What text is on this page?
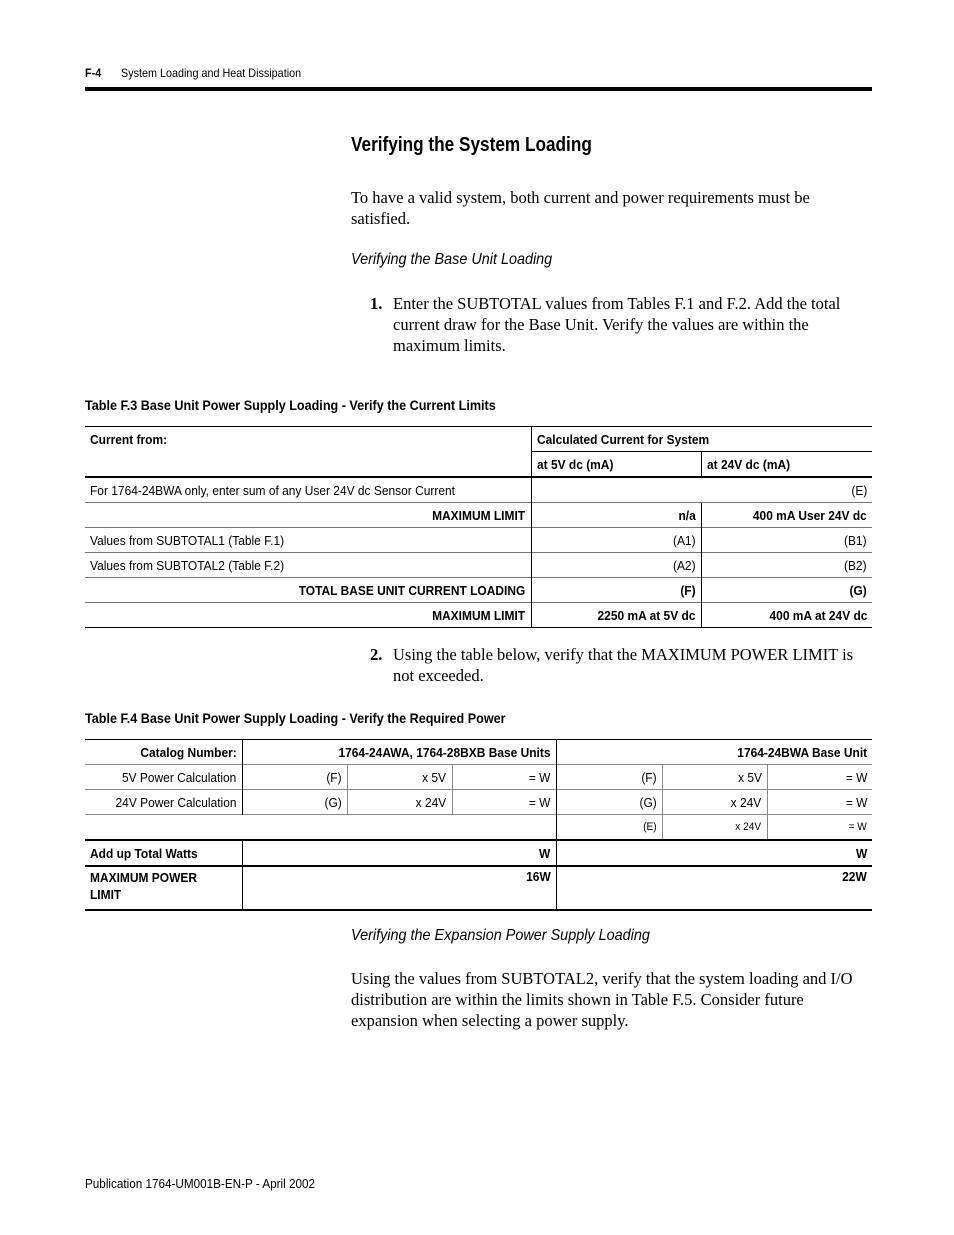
F-4 System Loading and Heat Dissipation
Verifying the System Loading
To have a valid system, both current and power requirements must be satisfied.
Verifying the Base Unit Loading
1. Enter the SUBTOTAL values from Tables F.1 and F.2. Add the total current draw for the Base Unit. Verify the values are within the maximum limits.
Table F.3 Base Unit Power Supply Loading - Verify the Current Limits
Current from:	Calculated Current for System	
	at 5V dc (mA)	at 24V dc (mA)
For 1764-24BWA only, enter sum of any User 24V dc Sensor Current		(E)
MAXIMUM LIMIT	n/a	400 mA User 24V dc
Values from SUBTOTAL1 (Table F.1)	(A1)	(B1)
Values from SUBTOTAL2 (Table F.2)	(A2)	(B2)
TOTAL BASE UNIT CURRENT LOADING	(F)	(G)
MAXIMUM LIMIT	2250 mA at 5V dc	400 mA at 24V dc
2. Using the table below, verify that the MAXIMUM POWER LIMIT is not exceeded.
Table F.4 Base Unit Power Supply Loading - Verify the Required Power
Catalog Number:	1764-24AWA, 1764-28BXB Base Units			1764-24BWA Base Unit		
5V Power Calculation	(F)	x 5V	= W	(F)	x 5V	= W
24V Power Calculation	(G)	x 24V	= W	(G)	x 24V	= W
				(E)	x 24V	= W
Add up Total Watts	W			W		
MAXIMUM POWER LIMIT	16W			22W		
Verifying the Expansion Power Supply Loading
Using the values from SUBTOTAL2, verify that the system loading and I/O distribution are within the limits shown in Table F.5. Consider future expansion when selecting a power supply.
Publication 1764-UM001B-EN-P - April 2002
